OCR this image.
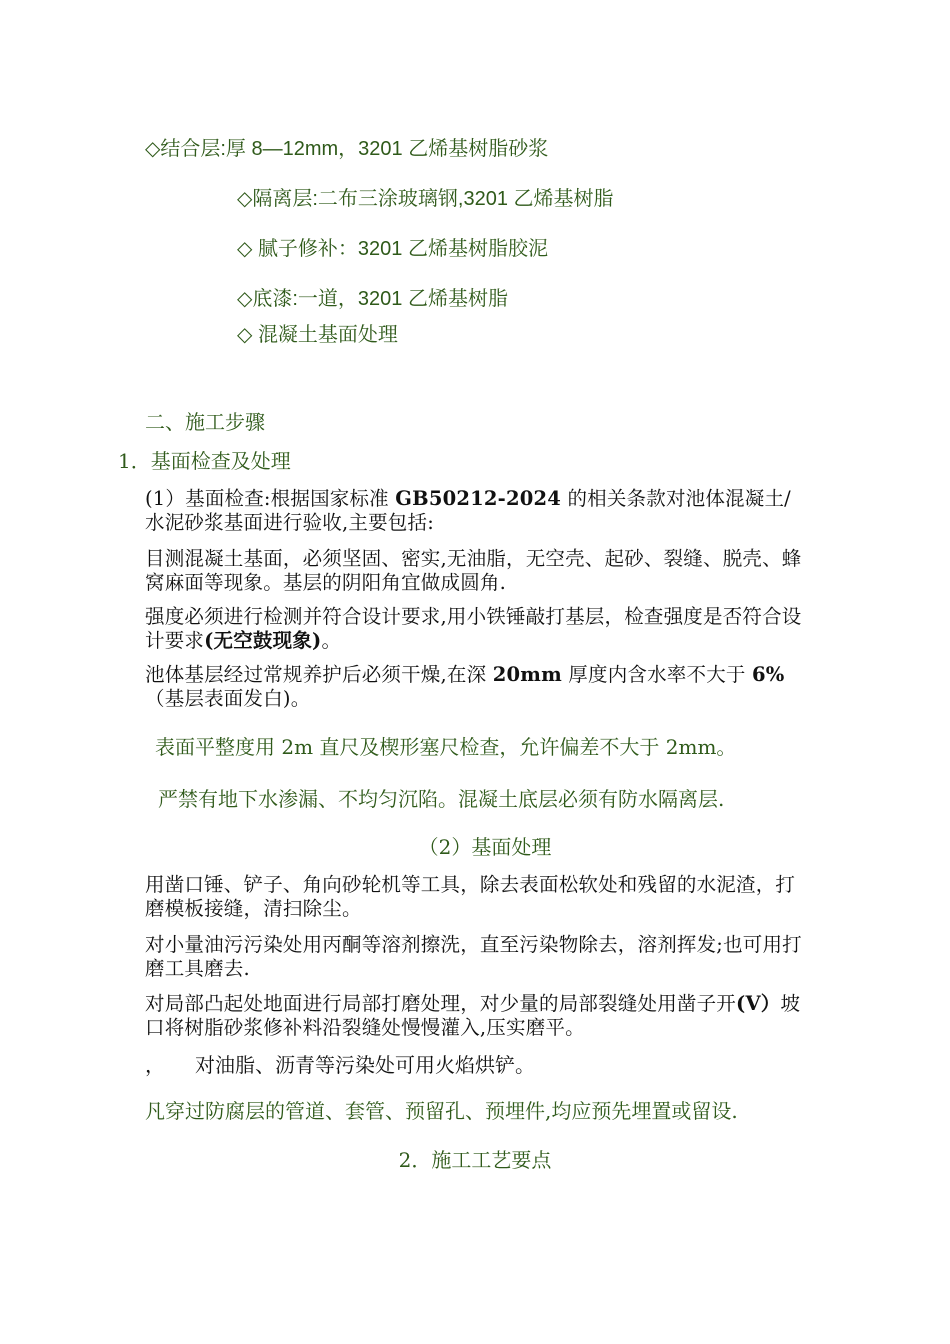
◇结合层:厚 8—12mm，3201 乙烯基树脂砂浆
◇隔离层:二布三涂玻璃钢,3201 乙烯基树脂
◇ 腻子修补：3201 乙烯基树脂胶泥
◇底漆:一道，3201 乙烯基树脂
◇ 混凝土基面处理
二、施工步骤
1．基面检查及处理
(1）基面检查:根据国家标准 GB50212-2024 的相关条款对池体混凝土/水泥砂浆基面进行验收,主要包括:
目测混凝土基面，必须坚固、密实,无油脂，无空壳、起砂、裂缝、脱壳、蜂窝麻面等现象。基层的阴阳角宜做成圆角.
强度必须进行检测并符合设计要求,用小铁锤敲打基层，检查强度是否符合设计要求(无空鼓现象)。
池体基层经过常规养护后必须干燥,在深 20mm 厚度内含水率不大于 6%（基层表面发白)。
表面平整度用 2m 直尺及楔形塞尺检查，允许偏差不大于 2mm。
严禁有地下水渗漏、不均匀沉陷。混凝土底层必须有防水隔离层.
（2）基面处理
用凿口锤、铲子、角向砂轮机等工具，除去表面松软处和残留的水泥渣，打磨模板接缝，清扫除尘。
对小量油污污染处用丙酮等溶剂擦洗，直至污染物除去，溶剂挥发;也可用打磨工具磨去.
对局部凸起处地面进行局部打磨处理，对少量的局部裂缝处用凿子开(V）坡口将树脂砂浆修补料沿裂缝处慢慢灌入,压实磨平。
， 对油脂、沥青等污染处可用火焰烘铲。
凡穿过防腐层的管道、套管、预留孔、预埋件,均应预先埋置或留设.
2．施工工艺要点
